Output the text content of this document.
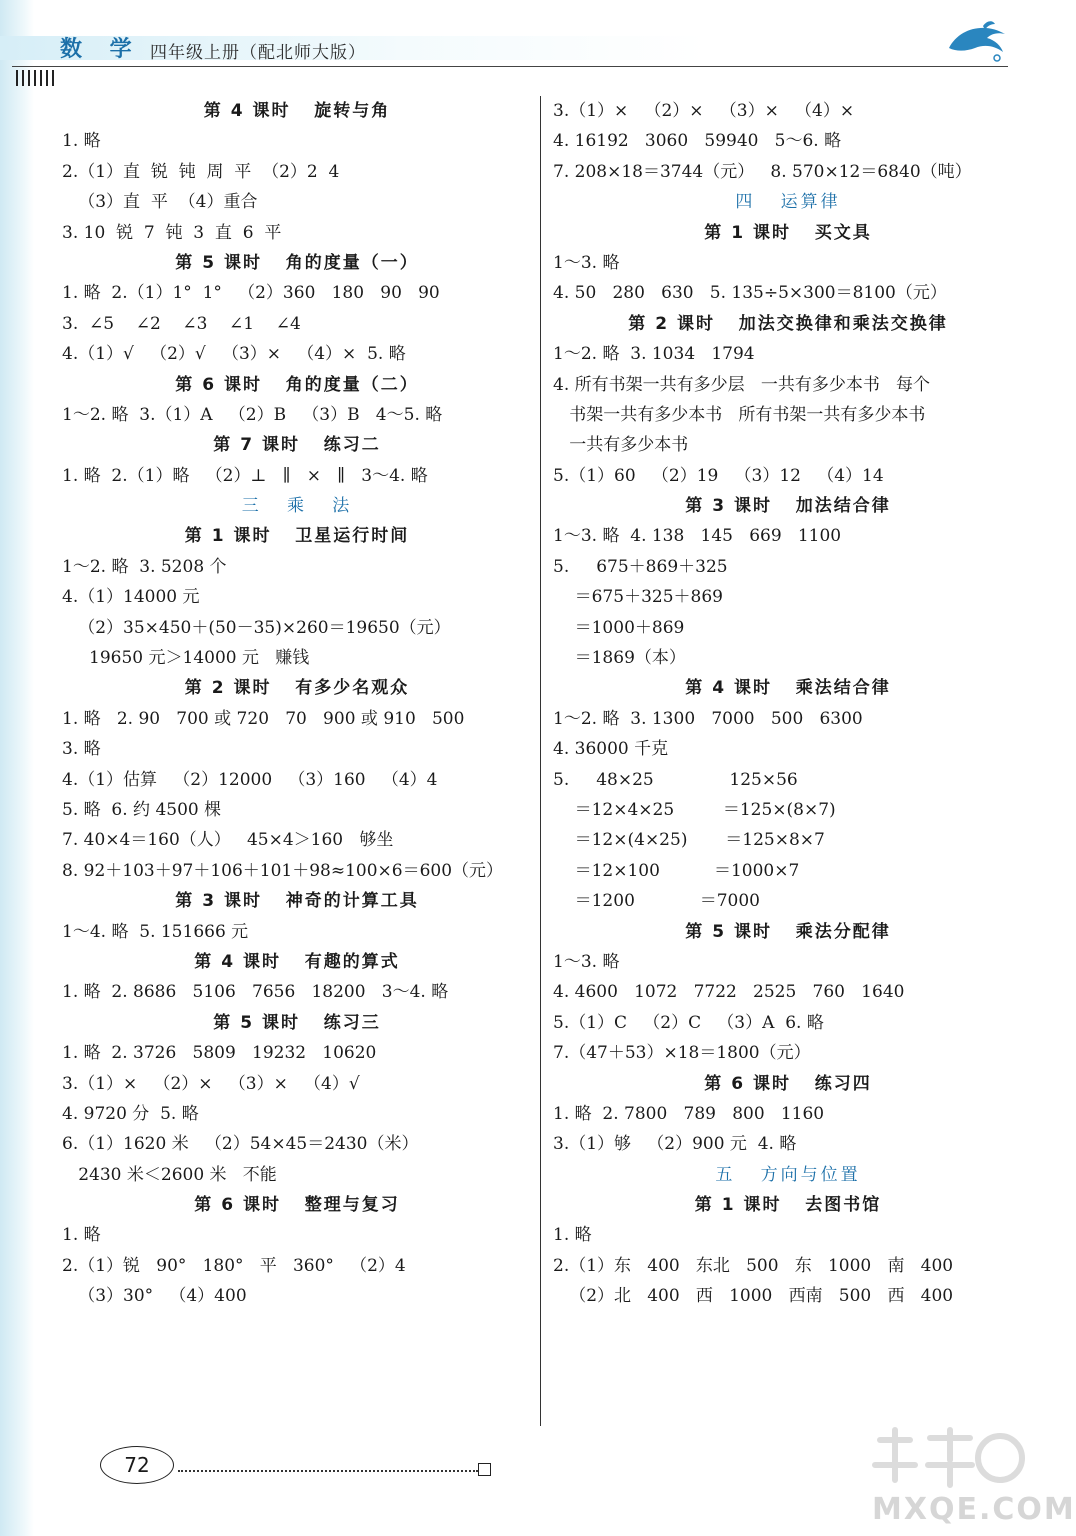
数 学 四年级上册（配北师大版）
第 4 课时   旋转与角
1. 略
2.（1）直  锐  钝  周  平  （2）2  4
（3）直  平  （4）重合
3. 10  锐  7  钝  3  直  6  平
第 5 课时   角的度量（一）
1. 略  2.（1）1°  1°   （2）360   180   90   90
3.  ∠5    ∠2    ∠3    ∠1    ∠4
4.（1）√   （2）√   （3）×   （4）×  5. 略
第 6 课时   角的度量（二）
1～2. 略  3.（1）A   （2）B   （3）B   4～5. 略
第 7 课时   练习二
1. 略  2.（1）略   （2）⊥   ∥   ×   ∥   3～4. 略
三   乘   法
第 1 课时   卫星运行时间
1～2. 略  3. 5208 个
4.（1）14000 元
（2）35×450＋(50－35)×260＝19650（元）
19650 元＞14000 元   赚钱
第 2 课时   有多少名观众
1. 略   2. 90   700 或 720   70   900 或 910   500
3. 略
4.（1）估算   （2）12000   （3）160   （4）4
5. 略  6. 约 4500 棵
7. 40×4＝160（人）   45×4＞160   够坐
8. 92＋103＋97＋106＋101＋98≈100×6＝600（元）
第 3 课时   神奇的计算工具
1～4. 略  5. 151666 元
第 4 课时   有趣的算式
1. 略  2. 8686   5106   7656   18200   3～4. 略
第 5 课时   练习三
1. 略  2. 3726   5809   19232   10620
3.（1）×   （2）×   （3）×   （4）√
4. 9720 分  5. 略
6.（1）1620 米   （2）54×45＝2430（米）
2430 米＜2600 米   不能
第 6 课时   整理与复习
1. 略
2.（1）锐   90°   180°   平   360°   （2）4
（3）30°   （4）400
3.（1）×   （2）×   （3）×   （4）×
4. 16192   3060   59940   5～6. 略
7. 208×18＝3744（元）   8. 570×12＝6840（吨）
四   运算律
第 1 课时   买文具
1～3. 略
4. 50   280   630   5. 135÷5×300＝8100（元）
第 2 课时   加法交换律和乘法交换律
1～2. 略  3. 1034   1794
4. 所有书架一共有多少层   一共有多少本书   每个
书架一共有多少本书   所有书架一共有多少本书
一共有多少本书
5.（1）60   （2）19   （3）12   （4）14
第 3 课时   加法结合律
1～3. 略  4. 138   145   669   1100
5.     675＋869＋325
＝675＋325＋869
＝1000＋869
＝1869（本）
第 4 课时   乘法结合律
1～2. 略  3. 1300   7000   500   6300
4. 36000 千克
5.     48×25              125×56
＝12×4×25         ＝125×(8×7)
＝12×(4×25)       ＝125×8×7
＝12×100          ＝1000×7
＝1200            ＝7000
第 5 课时   乘法分配律
1～3. 略
4. 4600   1072   7722   2525   760   1640
5.（1）C   （2）C   （3）A  6. 略
7.（47＋53）×18＝1800（元）
第 6 课时   练习四
1. 略  2. 7800   789   800   1160
3.（1）够   （2）900 元  4. 略
五   方向与位置
第 1 课时   去图书馆
1. 略
2.（1）东   400   东北   500   东   1000   南   400
（2）北   400   西   1000   西南   500   西   400
72
MXQE.COM
